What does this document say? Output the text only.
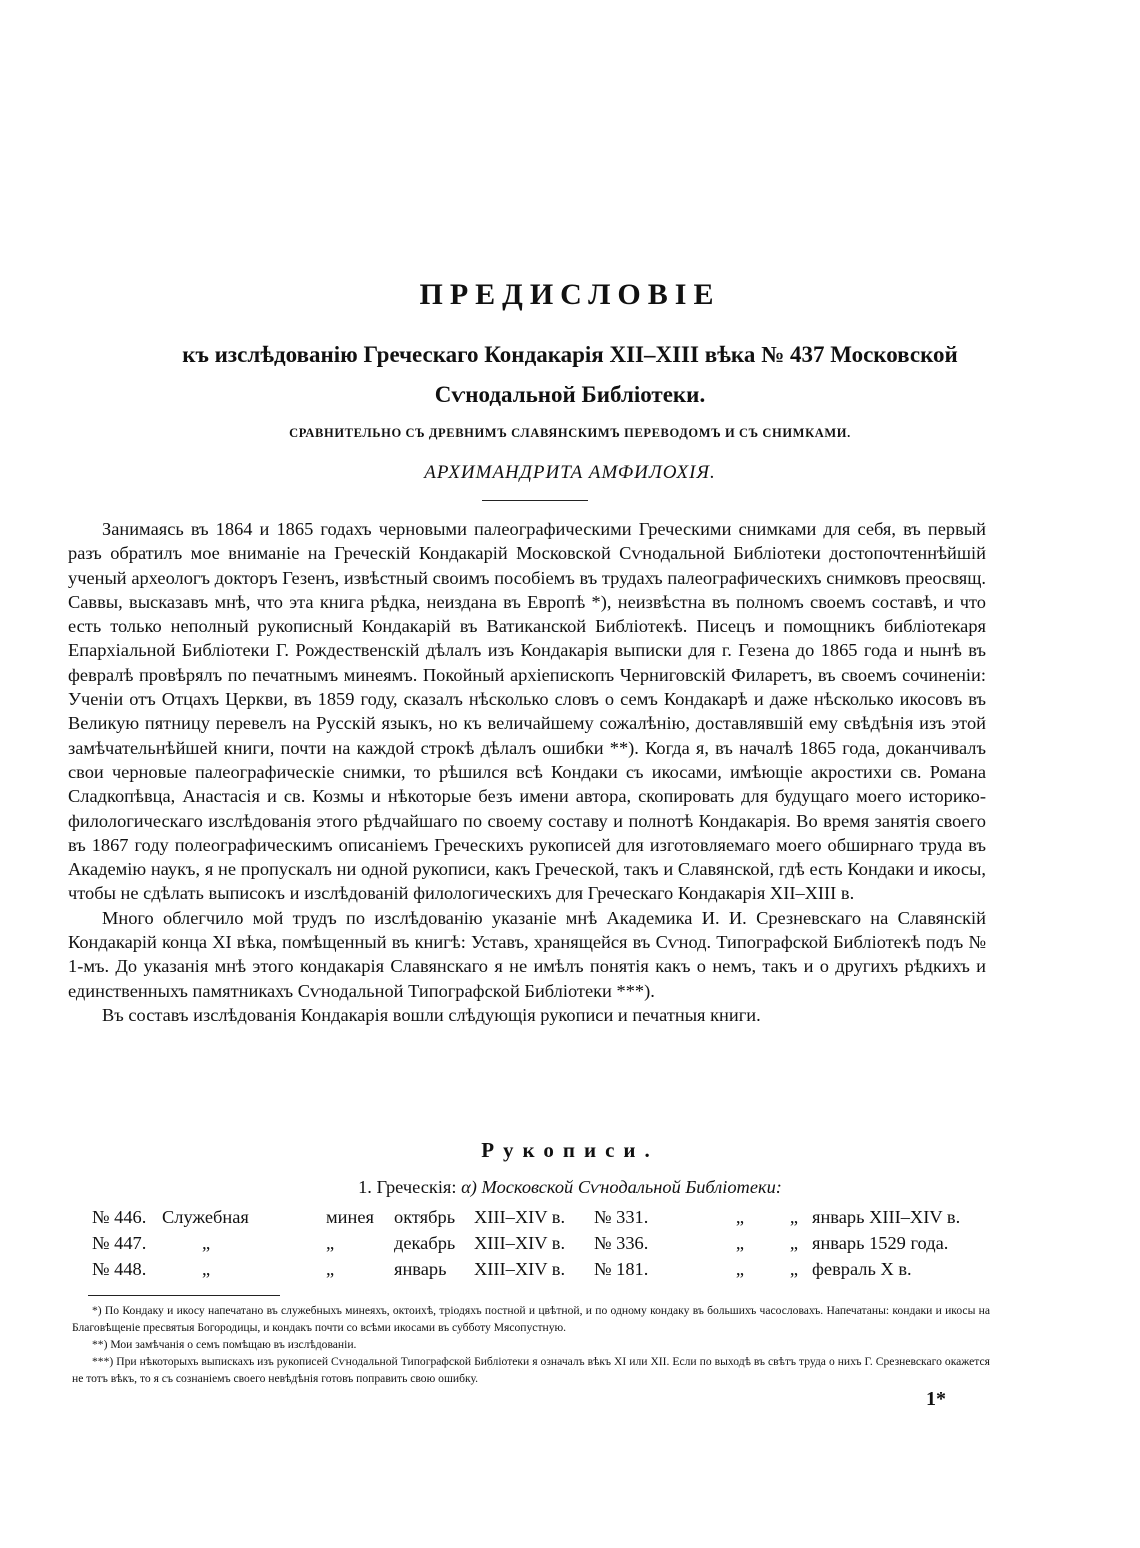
ПРЕДИСЛОВІЕ
къ изслѣдованію Греческаго Кондакарія XII–XIII вѣка № 437 Московской
Сѵнодальной Библіотеки.
СРАВНИТЕЛЬНО СЪ ДРЕВНИМЪ СЛАВЯНСКИМЪ ПЕРЕВОДОМЪ И СЪ СНИМКАМИ.
АРХИМАНДРИТА АМФИЛОХІЯ.

Занимаясь въ 1864 и 1865 годахъ черновыми палеографическими Греческими снимками для себя, въ первый разъ обратилъ мое вниманіе на Греческій Кондакарій Московской Сѵнодальной Библіотеки достопочтеннѣйшій ученый археологъ докторъ Гезенъ, извѣстный своимъ пособіемъ въ трудахъ палеографическихъ снимковъ преосвящ. Саввы, высказавъ мнѣ, что эта книга рѣдка, неиздана въ Европѣ *), неизвѣстна въ полномъ своемъ составѣ, и что есть только неполный рукописный Кондакарій въ Ватиканской Библіотекѣ. Писецъ и помощникъ библіотекаря Епархіальной Библіотеки Г. Рождественскій дѣлалъ изъ Кондакарія выписки для г. Гезена до 1865 года и нынѣ въ февралѣ провѣрялъ по печатнымъ минеямъ. Покойный архіепископъ Черниговскій Филаретъ, въ своемъ сочиненіи: Ученіи отъ Отцахъ Церкви, въ 1859 году, сказалъ нѣсколько словъ о семъ Кондакарѣ и даже нѣсколько икосовъ въ Великую пятницу перевелъ на Русскій языкъ, но къ величайшему сожалѣнію, доставлявшій ему свѣдѣнія изъ этой замѣчательнѣйшей книги, почти на каждой строкѣ дѣлалъ ошибки **). Когда я, въ началѣ 1865 года, доканчивалъ свои черновые палеографическіе снимки, то рѣшился всѣ Кондаки съ икосами, имѣющіе акростихи св. Романа Сладкопѣвца, Анастасія и св. Козмы и нѣкоторые безъ имени автора, скопировать для будущаго моего историко-филологическаго изслѣдованія этого рѣдчайшаго по своему составу и полнотѣ Кондакарія. Во время занятія своего въ 1867 году полеографическимъ описаніемъ Греческихъ рукописей для изготовляемаго моего обширнаго труда въ Академію наукъ, я не пропускалъ ни одной рукописи, какъ Греческой, такъ и Славянской, гдѣ есть Кондаки и икосы, чтобы не сдѣлать выписокъ и изслѣдованій филологическихъ для Греческаго Кондакарія XII–XIII в.

Много облегчило мой трудъ по изслѣдованію указаніе мнѣ Академика И. И. Срезневскаго на Славянскій Кондакарій конца XI вѣка, помѣщенный въ книгѣ: Уставъ, хранящейся въ Сѵнод. Типографской Библіотекѣ подъ № 1-мъ. До указанія мнѣ этого кондакарія Славянскаго я не имѣлъ понятія какъ о немъ, такъ и о другихъ рѣдкихъ и единственныхъ памятникахъ Сѵнодальной Типографской Библіотеки ***).

Въ составъ изслѣдованія Кондакарія вошли слѣдующія рукописи и печатныя книги.

Рукописи.
1. Греческія: α) Московской Сѵнодальной Библіотеки:
№ 446.	Служебная	минея	октябрь	XIII–XIV в.	№ 331.	„	„	январь XIII–XIV в.
№ 447.	„	„	декабрь	XIII–XIV в.	№ 336.	„	„	январь 1529 года.
№ 448.	„	„	январь	XIII–XIV в.	№ 181.	„	„	февраль X в.

*) По Кондаку и икосу напечатано въ служебныхъ минеяхъ, октоихѣ, тріодяхъ постной и цвѣтной, и по одному кондаку въ большихъ часословахъ. Напечатаны: кондаки и икосы на Благовѣщеніе пресвятыя Богородицы, и кондакъ почти со всѣми икосами въ субботу Мясопустную.

**) Мои замѣчанія о семъ помѣщаю въ изслѣдованіи.

***) При нѣкоторыхъ выпискахъ изъ рукописей Сѵнодальной Типографской Библіотеки я означалъ вѣкъ XI или XII. Если по выходѣ въ свѣтъ труда о нихъ Г. Срезневскаго окажется не тотъ вѣкъ, то я съ сознаніемъ своего невѣдѣнія готовъ поправить свою ошибку.

1*
